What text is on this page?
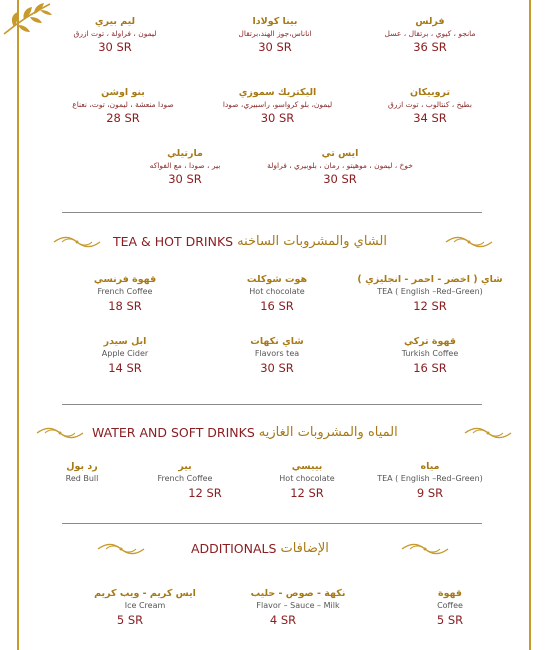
ليم بيري
ليمون ، فراولة ، توت ازرق
30 SR
بينا كولادا
اناناس،جوز الهند،برتقال
30 SR
فرلس
مانجو ، كيوي ، برتقال ، عسل
36 SR
بنو اوشن
صودا منعشة ، ليمون، توت، نعناع
28 SR
اليكتريك سموزي
ليمون، بلو كرواسو، راسبيري، صودا
30 SR
تروبيكان
بطيخ ، كنتالوب ، توت ازرق
34 SR
مارتيلي
بير ، صودا ، مع الفواكه
30 SR
ايس تي
خوخ ، ليمون ، موهيتو ، رمان ، بلوبيري ، فراولة
30 SR
TEA & HOT DRINKS الشاي والمشروبات الساخنه
قهوة فرنسي
French Coffee
18 SR
هوت شوكلت
Hot chocolate
16 SR
( شاي ( اخضر - احمر - انجليزي
TEA ( English –Red–Green)
12 SR
ابل سيدر
Apple Cider
14 SR
شاي نكهات
Flavors tea
30 SR
قهوة تركي
Turkish Coffee
16 SR
WATER AND SOFT DRINKS المياه والمشروبات الغازيه
رد بول
Red Bull
بير
French Coffee
12 SR
بيبسي
Hot chocolate
12 SR
مياه
TEA ( English –Red–Green)
9 SR
ADDITIONALS الإضافات
ايس كريم - ويب كريم
Ice Cream
5 SR
نكهة - صوص - حليب
Flavor – Sauce – Milk
4 SR
قهوة
Coffee
5 SR
